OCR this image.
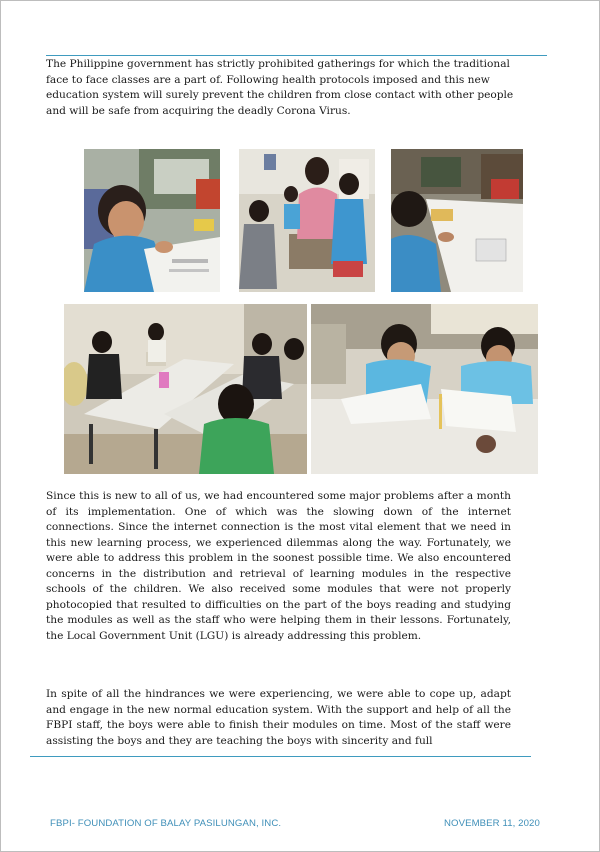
The Philippine government has strictly prohibited gatherings for which the traditional face to face classes are a part of. Following health protocols imposed and this new education system will surely prevent the children from close contact with other people and will be safe from acquiring the deadly Corona Virus.

Since this is new to all of us, we had encountered some major problems after a month of its implementation. One of which was the slowing down of the internet connections. Since the internet connection is the most vital element that we need in this new learning process, we experienced dilemmas along the way. Fortunately, we were able to address this problem in the soonest possible time. We also encountered concerns in the distribution and retrieval of learning modules in the respective schools of the children. We also received some modules that were not properly photocopied that resulted to difficulties on the part of the boys reading and studying the modules as well as the staff who were helping them in their lessons. Fortunately, the Local Government Unit (LGU) is already addressing this problem.

In spite of all the hindrances we were experiencing, we were able to cope up, adapt and engage in the new normal education system. With the support and help of all the FBPI staff, the boys were able to finish their modules on time. Most of the staff were assisting the boys and they are teaching the boys with sincerity and full

FBPI- FOUNDATION OF BALAY PASILUNGAN, INC.	NOVEMBER 11, 2020
